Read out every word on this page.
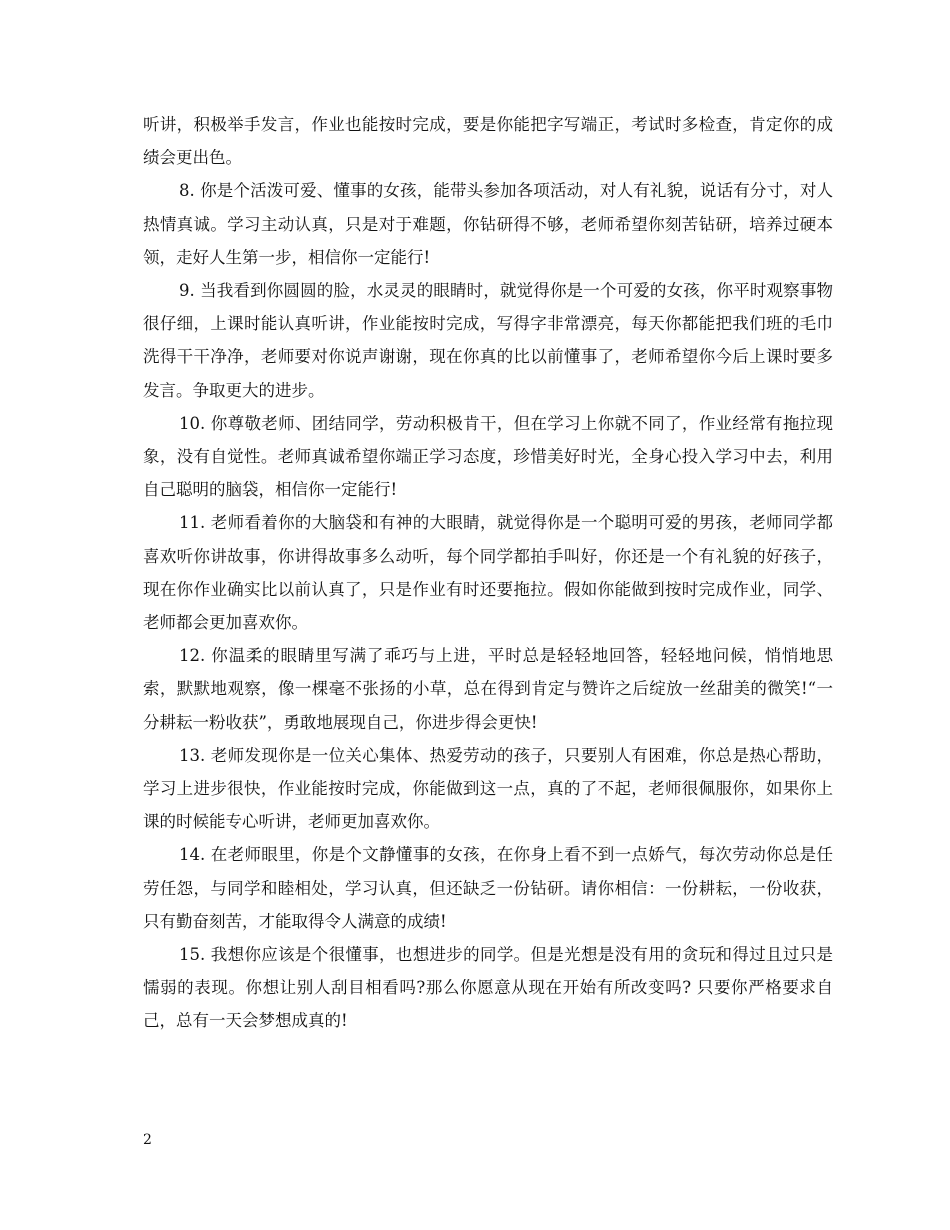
听讲，积极举手发言，作业也能按时完成，要是你能把字写端正，考试时多检查，肯定你的成绩会更出色。

8. 你是个活泼可爱、懂事的女孩，能带头参加各项活动，对人有礼貌，说话有分寸，对人热情真诚。学习主动认真，只是对于难题，你钻研得不够，老师希望你刻苦钻研，培养过硬本领，走好人生第一步，相信你一定能行!

9. 当我看到你圆圆的脸，水灵灵的眼睛时，就觉得你是一个可爱的女孩，你平时观察事物很仔细，上课时能认真听讲，作业能按时完成，写得字非常漂亮，每天你都能把我们班的毛巾洗得干干净净，老师要对你说声谢谢，现在你真的比以前懂事了，老师希望你今后上课时要多发言。争取更大的进步。

10. 你尊敬老师、团结同学，劳动积极肯干，但在学习上你就不同了，作业经常有拖拉现象，没有自觉性。老师真诚希望你端正学习态度，珍惜美好时光，全身心投入学习中去，利用自己聪明的脑袋，相信你一定能行!

11. 老师看着你的大脑袋和有神的大眼睛，就觉得你是一个聪明可爱的男孩，老师同学都喜欢听你讲故事，你讲得故事多么动听，每个同学都拍手叫好，你还是一个有礼貌的好孩子，现在你作业确实比以前认真了，只是作业有时还要拖拉。假如你能做到按时完成作业，同学、老师都会更加喜欢你。

12. 你温柔的眼睛里写满了乖巧与上进，平时总是轻轻地回答，轻轻地问候，悄悄地思索，默默地观察，像一棵毫不张扬的小草，总在得到肯定与赞许之后绽放一丝甜美的微笑!“一分耕耘一粉收获”，勇敢地展现自己，你进步得会更快!

13. 老师发现你是一位关心集体、热爱劳动的孩子，只要别人有困难，你总是热心帮助，学习上进步很快，作业能按时完成，你能做到这一点，真的了不起，老师很佩服你，如果你上课的时候能专心听讲，老师更加喜欢你。

14. 在老师眼里，你是个文静懂事的女孩，在你身上看不到一点娇气，每次劳动你总是任劳任怨，与同学和睦相处，学习认真，但还缺乏一份钻研。请你相信：一份耕耘，一份收获，只有勤奋刻苦，才能取得令人满意的成绩!

15. 我想你应该是个很懂事，也想进步的同学。但是光想是没有用的贪玩和得过且过只是懦弱的表现。你想让别人刮目相看吗?那么你愿意从现在开始有所改变吗? 只要你严格要求自己，总有一天会梦想成真的!

2
